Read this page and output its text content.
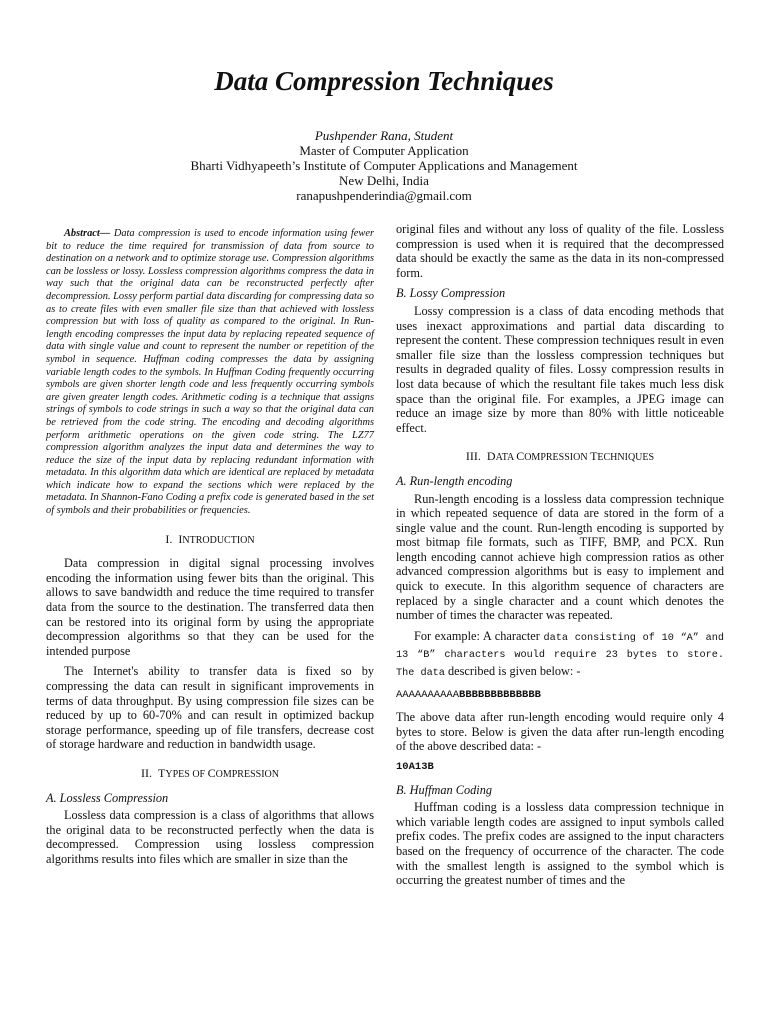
Data Compression Techniques
Pushpender Rana, Student
Master of Computer Application
Bharti Vidhyapeeth’s Institute of Computer Applications and Management
New Delhi, India
ranapushpenderindia@gmail.com
Abstract— Data compression is used to encode information using fewer bit to reduce the time required for transmission of data from source to destination on a network and to optimize storage use. Compression algorithms can be lossless or lossy. Lossless compression algorithms compress the data in way such that the original data can be reconstructed perfectly after decompression. Lossy perform partial data discarding for compressing data so as to create files with even smaller file size than that achieved with lossless compression but with loss of quality as compared to the original. In Run-length encoding compresses the input data by replacing repeated sequence of data with single value and count to represent the number or repetition of the symbol in sequence. Huffman coding compresses the data by assigning variable length codes to the symbols. In Huffman Coding frequently occurring symbols are given shorter length code and less frequently occurring symbols are given greater length codes. Arithmetic coding is a technique that assigns strings of symbols to code strings in such a way so that the original data can be retrieved from the code string. The encoding and decoding algorithms perform arithmetic operations on the given code string. The LZ77 compression algorithm analyzes the input data and determines the way to reduce the size of the input data by replacing redundant information with metadata. In this algorithm data which are identical are replaced by metadata which indicate how to expand the sections which were replaced by the metadata. In Shannon-Fano Coding a prefix code is generated based in the set of symbols and their probabilities or frequencies.
I. INTRODUCTION

Data compression in digital signal processing involves encoding the information using fewer bits than the original. This allows to save bandwidth and reduce the time required to transfer data from the source to the destination. The transferred data then can be restored into its original form by using the appropriate decompression algorithms so that they can be used for the intended purpose

The Internet's ability to transfer data is fixed so by compressing the data can result in significant improvements in terms of data throughput. By using compression file sizes can be reduced by up to 60-70% and can result in optimized backup storage performance, speeding up of file transfers, decrease cost of storage hardware and reduction in bandwidth usage.

II. TYPES OF COMPRESSION
A. Lossless Compression

Lossless data compression is a class of algorithms that allows the original data to be reconstructed perfectly when the data is decompressed. Compression using lossless compression algorithms results into files which are smaller in size than the

original files and without any loss of quality of the file. Lossless compression is used when it is required that the decompressed data should be exactly the same as the data in its non-compressed form.

B. Lossy Compression

Lossy compression is a class of data encoding methods that uses inexact approximations and partial data discarding to represent the content. These compression techniques result in even smaller file size than the lossless compression techniques but results in degraded quality of files. Lossy compression results in lost data because of which the resultant file takes much less disk space than the original file. For examples, a JPEG image can reduce an image size by more than 80% with little noticeable effect.

III. DATA COMPRESSION TECHNIQUES
A. Run-length encoding

Run-length encoding is a lossless data compression technique in which repeated sequence of data are stored in the form of a single value and the count. Run-length encoding is supported by most bitmap file formats, such as TIFF, BMP, and PCX. Run length encoding cannot achieve high compression ratios as other advanced compression algorithms but is easy to implement and quick to execute. In this algorithm sequence of characters are replaced by a single character and a count which denotes the number of times the character was repeated.

For example: A character data consisting of 10 “A” and 13 “B” characters would require 23 bytes to store. The data described is given below: -

AAAAAAAAAABBBBBBBBBBBBB

The above data after run-length encoding would require only 4 bytes to store. Below is given the data after run-length encoding of the above described data: -

10A13B
B. Huffman Coding

Huffman coding is a lossless data compression technique in which variable length codes are assigned to input symbols called prefix codes. The prefix codes are assigned to the input characters based on the frequency of occurrence of the character. The code with the smallest length is assigned to the symbol which is occurring the greatest number of times and the
